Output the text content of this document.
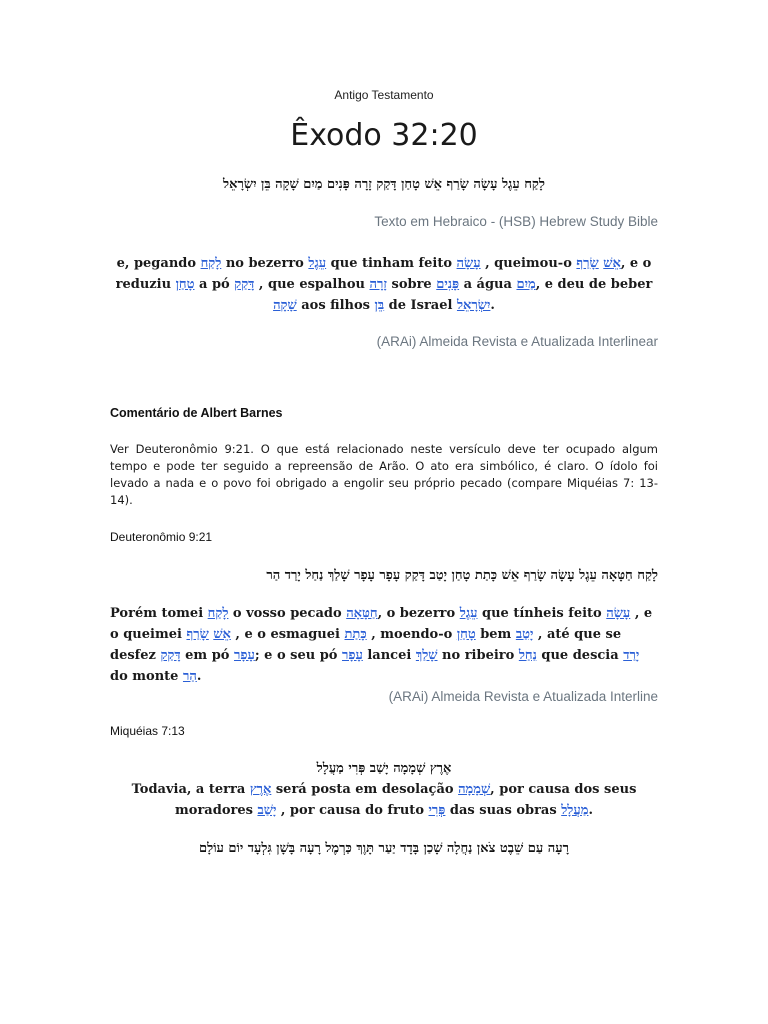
Antigo Testamento
Êxodo 32:20
לָקַח עֵגֶל עָשָׂה שָׂרַף אֵשׁ טָחַן דָּקַק זָרָה פָּנִים מַיִם שָׁקָה בֵּן יִשְׂרָאֵל
Texto em Hebraico - (HSB) Hebrew Study Bible
e, pegando לָקַח no bezerro עֵגֶל que tinham feito עָשָׂה , queimou-o שָׂרַף אֵשׁ, e o reduziu טָחַן a pó דָּקַק , que espalhou זָרָה sobre פָּנִים a água מַיִם, e deu de beber שָׁקָה aos filhos בֵּן de Israel יִשְׂרָאֵל.
(ARAi) Almeida Revista e Atualizada Interlinear
Comentário de Albert Barnes
Ver Deuteronômio 9:21. O que está relacionado neste versículo deve ter ocupado algum tempo e pode ter seguido a repreensão de Arão. O ato era simbólico, é claro. O ídolo foi levado a nada e o povo foi obrigado a engolir seu próprio pecado (compare Miquéias 7: 13-14).
Deuteronômio 9:21
לָקַח חַטָּאָה עֵגֶל עָשָׂה שָׂרַף אֵשׁ כָּתַת טָחַן יָטַב דָּקַק עָפָר עָפָר שָׁלַךְ נַחַל יָרַד הַר
Porém tomei לָקַח o vosso pecado חַטָּאָה, o bezerro עֵגֶל que tínheis feito עָשָׂה , e o queimei שָׂרַף אֵשׁ , e o esmaguei כָּתַת , moendo-o טָחַן bem יָטַב , até que se desfez דָּקַק em pó עָפָר; e o seu pó עָפָר lancei שָׁלַךְ no ribeiro נַחַל que descia יָרַד do monte הַר.
(ARAi) Almeida Revista e Atualizada Interline
Miquéias 7:13
אֶרֶץ שְׁמָמָה יָשַׁב פְּרִי מַעֲלָל
Todavia, a terra אֶרֶץ será posta em desolação שְׁמָמָה, por causa dos seus moradores יָשַׁב , por causa do fruto פְּרִי das suas obras מַעֲלָל.
רָעָה עַם שֵׁבֶט צֹאן נַחֲלָה שָׁכַן בָּדָד יַעַר תָּוֶךְ כַּרְמֶל רָעָה בָּשָׁן גִּלְעָד יוֹם עוֹלָם
